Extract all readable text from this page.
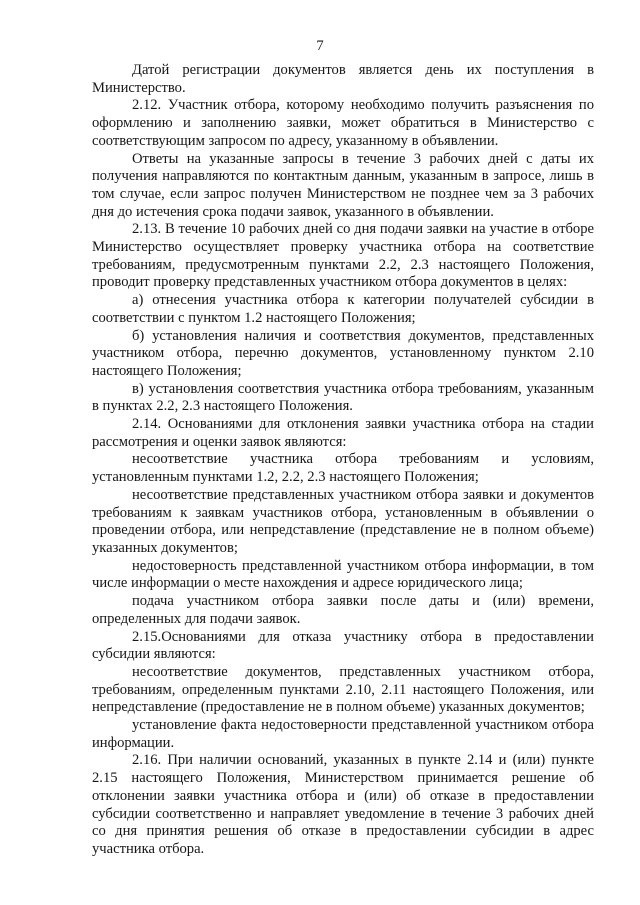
7

Датой регистрации документов является день их поступления в Министерство.

2.12. Участник отбора, которому необходимо получить разъяснения по оформлению и заполнению заявки, может обратиться в Министерство с соответствующим запросом по адресу, указанному в объявлении.

Ответы на указанные запросы в течение 3 рабочих дней с даты их получения направляются по контактным данным, указанным в запросе, лишь в том случае, если запрос получен Министерством не позднее чем за 3 рабочих дня до истечения срока подачи заявок, указанного в объявлении.

2.13. В течение 10 рабочих дней со дня подачи заявки на участие в отборе Министерство осуществляет проверку участника отбора на соответствие требованиям, предусмотренным пунктами 2.2, 2.3 настоящего Положения, проводит проверку представленных участником отбора документов в целях:

а) отнесения участника отбора к категории получателей субсидии в соответствии с пунктом 1.2 настоящего Положения;

б) установления наличия и соответствия документов, представленных участником отбора, перечню документов, установленному пунктом 2.10 настоящего Положения;

в) установления соответствия участника отбора требованиям, указанным в пунктах 2.2, 2.3 настоящего Положения.

2.14. Основаниями для отклонения заявки участника отбора на стадии рассмотрения и оценки заявок являются:

несоответствие участника отбора требованиям и условиям, установленным пунктами 1.2, 2.2, 2.3 настоящего Положения;

несоответствие представленных участником отбора заявки и документов требованиям к заявкам участников отбора, установленным в объявлении о проведении отбора, или непредставление (представление не в полном объеме) указанных документов;

недостоверность представленной участником отбора информации, в том числе информации о месте нахождения и адресе юридического лица;

подача участником отбора заявки после даты и (или) времени, определенных для подачи заявок.

2.15.Основаниями для отказа участнику отбора в предоставлении субсидии являются:

несоответствие документов, представленных участником отбора, требованиям, определенным пунктами 2.10, 2.11 настоящего Положения, или непредставление (предоставление не в полном объеме) указанных документов;

установление факта недостоверности представленной участником отбора информации.

2.16. При наличии оснований, указанных в пункте 2.14 и (или) пункте 2.15 настоящего Положения, Министерством принимается решение об отклонении заявки участника отбора и (или) об отказе в предоставлении субсидии соответственно и направляет уведомление в течение 3 рабочих дней со дня принятия решения об отказе в предоставлении субсидии в адрес участника отбора.
